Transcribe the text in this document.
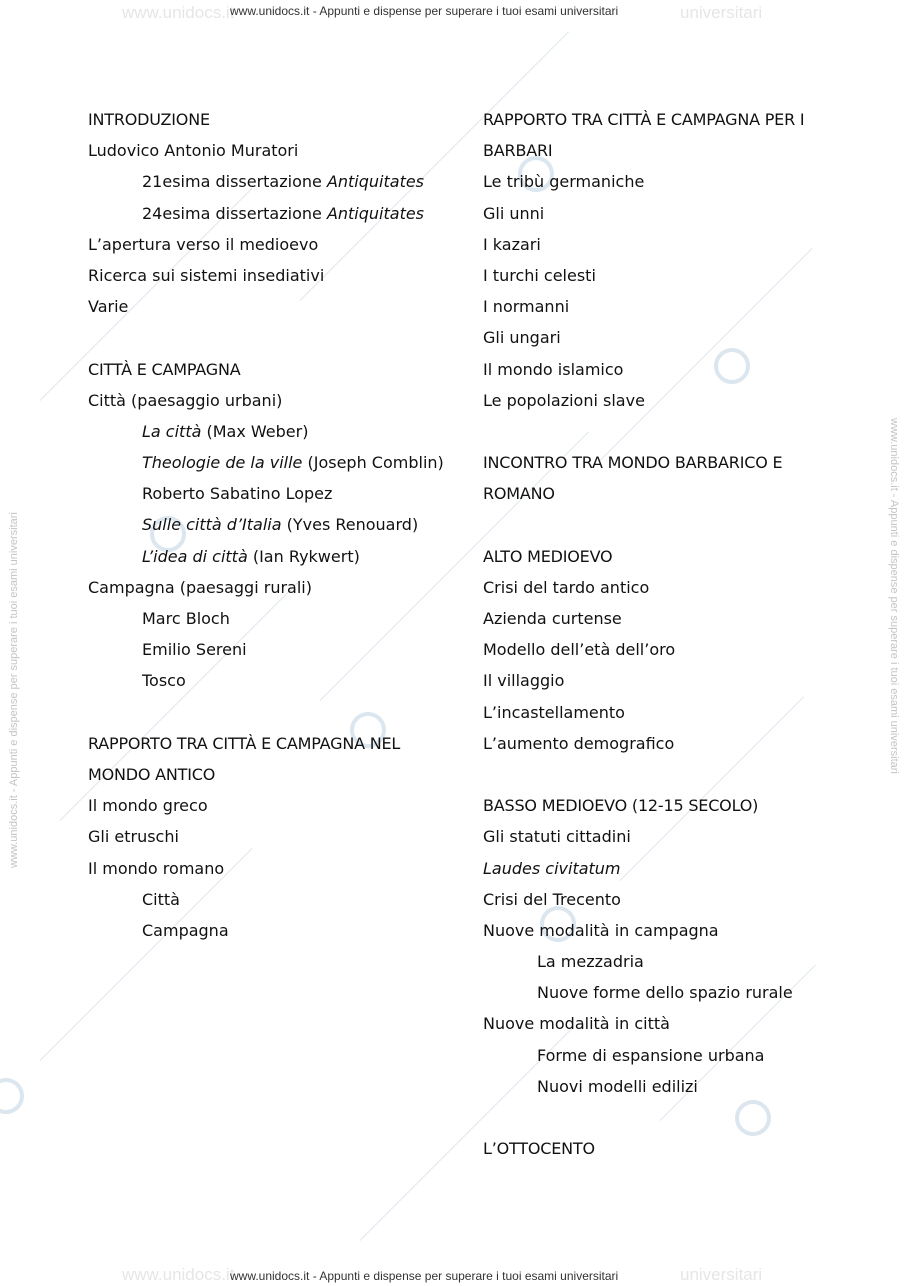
www.unidocs.it	universitari
www.unidocs.it	universitari
www.unidocs.it - Appunti e dispense per superare i tuoi esami universitari	www.unidocs.it - Appunti e dispense per superare i tuoi esami universitari
www.unidocs.it - Appunti e dispense per superare i tuoi esami universitari
www.unidocs.it - Appunti e dispense per superare i tuoi esami universitari
INTRODUZIONE
Ludovico Antonio Muratori
21esima dissertazione Antiquitates
24esima dissertazione Antiquitates
L’apertura verso il medioevo
Ricerca sui sistemi insediativi
Varie
CITTÀ E CAMPAGNA
Città (paesaggio urbani)
La città (Max Weber)
Theologie de la ville (Joseph Comblin)
Roberto Sabatino Lopez
Sulle città d’Italia (Yves Renouard)
L’idea di città (Ian Rykwert)
Campagna (paesaggi rurali)
Marc Bloch
Emilio Sereni
Tosco
RAPPORTO TRA CITTÀ E CAMPAGNA NEL
MONDO ANTICO
Il mondo greco
Gli etruschi
Il mondo romano
Città
Campagna
RAPPORTO TRA CITTÀ E CAMPAGNA PER I
BARBARI
Le tribù germaniche
Gli unni
I kazari
I turchi celesti
I normanni
Gli ungari
Il mondo islamico
Le popolazioni slave
INCONTRO TRA MONDO BARBARICO E
ROMANO
ALTO MEDIOEVO
Crisi del tardo antico
Azienda curtense
Modello dell’età dell’oro
Il villaggio
L’incastellamento
L’aumento demografico
BASSO MEDIOEVO (12-15 SECOLO)
Gli statuti cittadini
Laudes civitatum
Crisi del Trecento
Nuove modalità in campagna
La mezzadria
Nuove forme dello spazio rurale
Nuove modalità in città
Forme di espansione urbana
Nuovi modelli edilizi
L’OTTOCENTO
